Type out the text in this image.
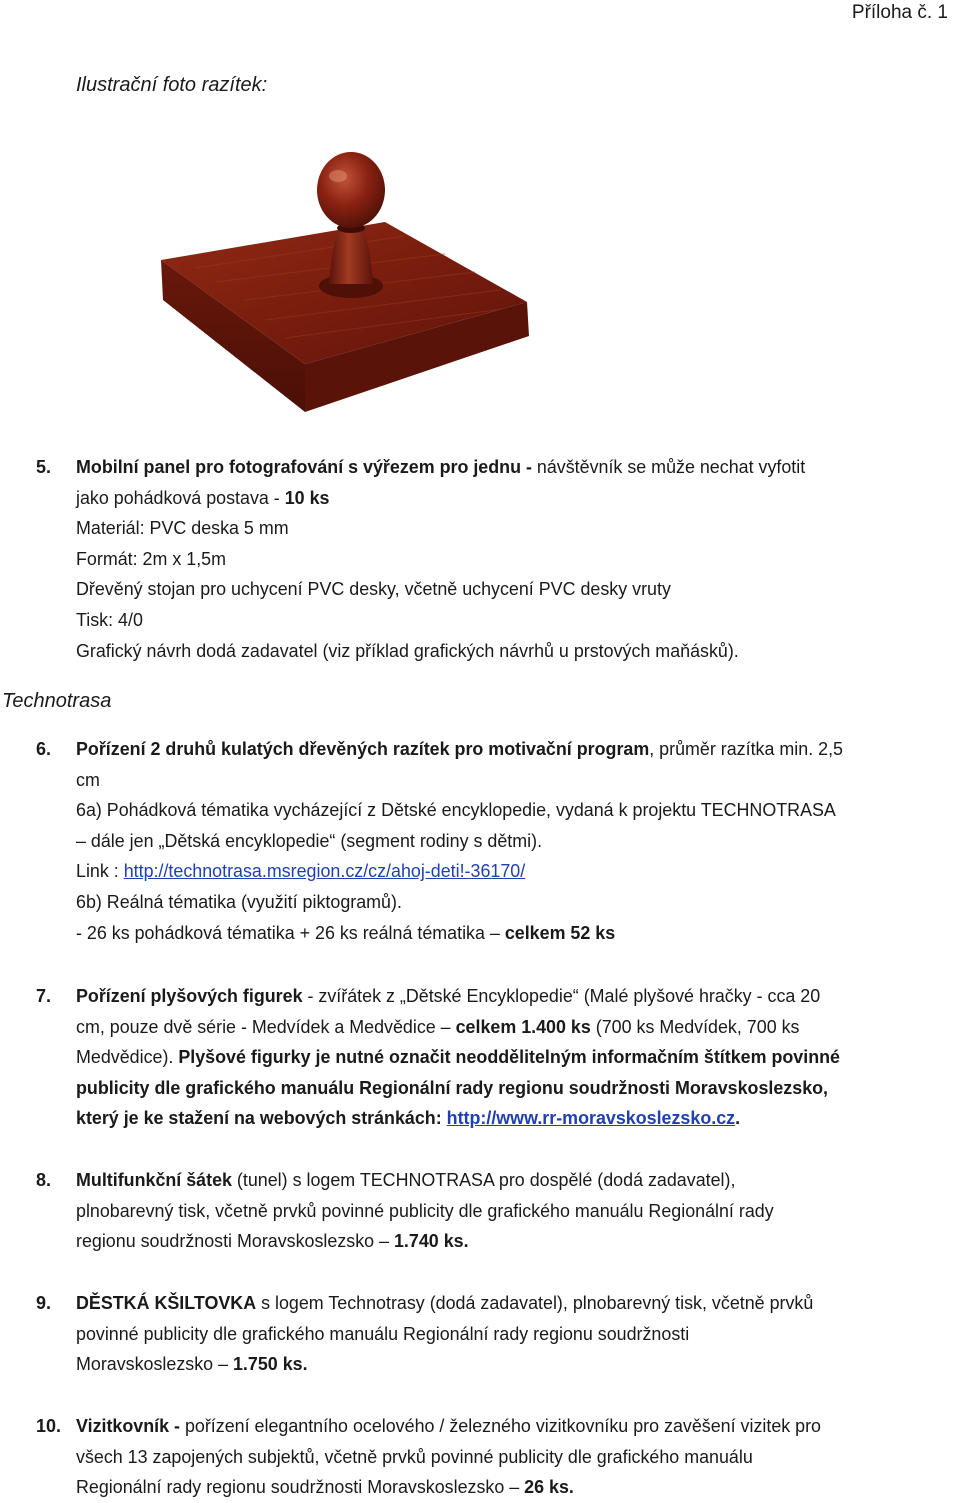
Příloha č. 1
Ilustrační foto razítek:
Technotrasa
5. Mobilní panel pro fotografování s výřezem pro jednu - návštěvník se může nechat vyfotit
jako pohádková postava - 10 ks
Materiál: PVC deska 5 mm
Formát: 2m x 1,5m
Dřevěný stojan pro uchycení PVC desky, včetně uchycení PVC desky vruty
Tisk: 4/0
Grafický návrh dodá zadavatel (viz příklad grafických návrhů u prstových maňásků).
6. Pořízení 2 druhů kulatých dřevěných razítek pro motivační program, průměr razítka min. 2,5
cm
6a) Pohádková tématika vycházející z Dětské encyklopedie, vydaná k projektu TECHNOTRASA
– dále jen „Dětská encyklopedie“ (segment rodiny s dětmi).
Link : http://technotrasa.msregion.cz/cz/ahoj-deti!-36170/
6b) Reálná tématika (využití piktogramů).
- 26 ks pohádková tématika + 26 ks reálná tématika – celkem 52 ks
7. Pořízení plyšových figurek - zvířátek z „Dětské Encyklopedie“ (Malé plyšové hračky - cca 20
cm, pouze dvě série - Medvídek a Medvědice – celkem 1.400 ks (700 ks Medvídek, 700 ks
Medvědice). Plyšové figurky je nutné označit neoddělitelným informačním štítkem povinné
publicity dle grafického manuálu Regionální rady regionu soudržnosti Moravskoslezsko,
který je ke stažení na webových stránkách: http://www.rr-moravskoslezsko.cz.
8. Multifunkční šátek (tunel) s logem TECHNOTRASA pro dospělé (dodá zadavatel),
plnobarevný tisk, včetně prvků povinné publicity dle grafického manuálu Regionální rady
regionu soudržnosti Moravskoslezsko – 1.740 ks.
9. DĚSTKÁ KŠILTOVKA s logem Technotrasy (dodá zadavatel), plnobarevný tisk, včetně prvků
povinné publicity dle grafického manuálu Regionální rady regionu soudržnosti
Moravskoslezsko – 1.750 ks.
10. Vizitkovník - pořízení elegantního ocelového / železného vizitkovníku pro zavěšení vizitek pro
všech 13 zapojených subjektů, včetně prvků povinné publicity dle grafického manuálu
Regionální rady regionu soudržnosti Moravskoslezsko – 26 ks.
